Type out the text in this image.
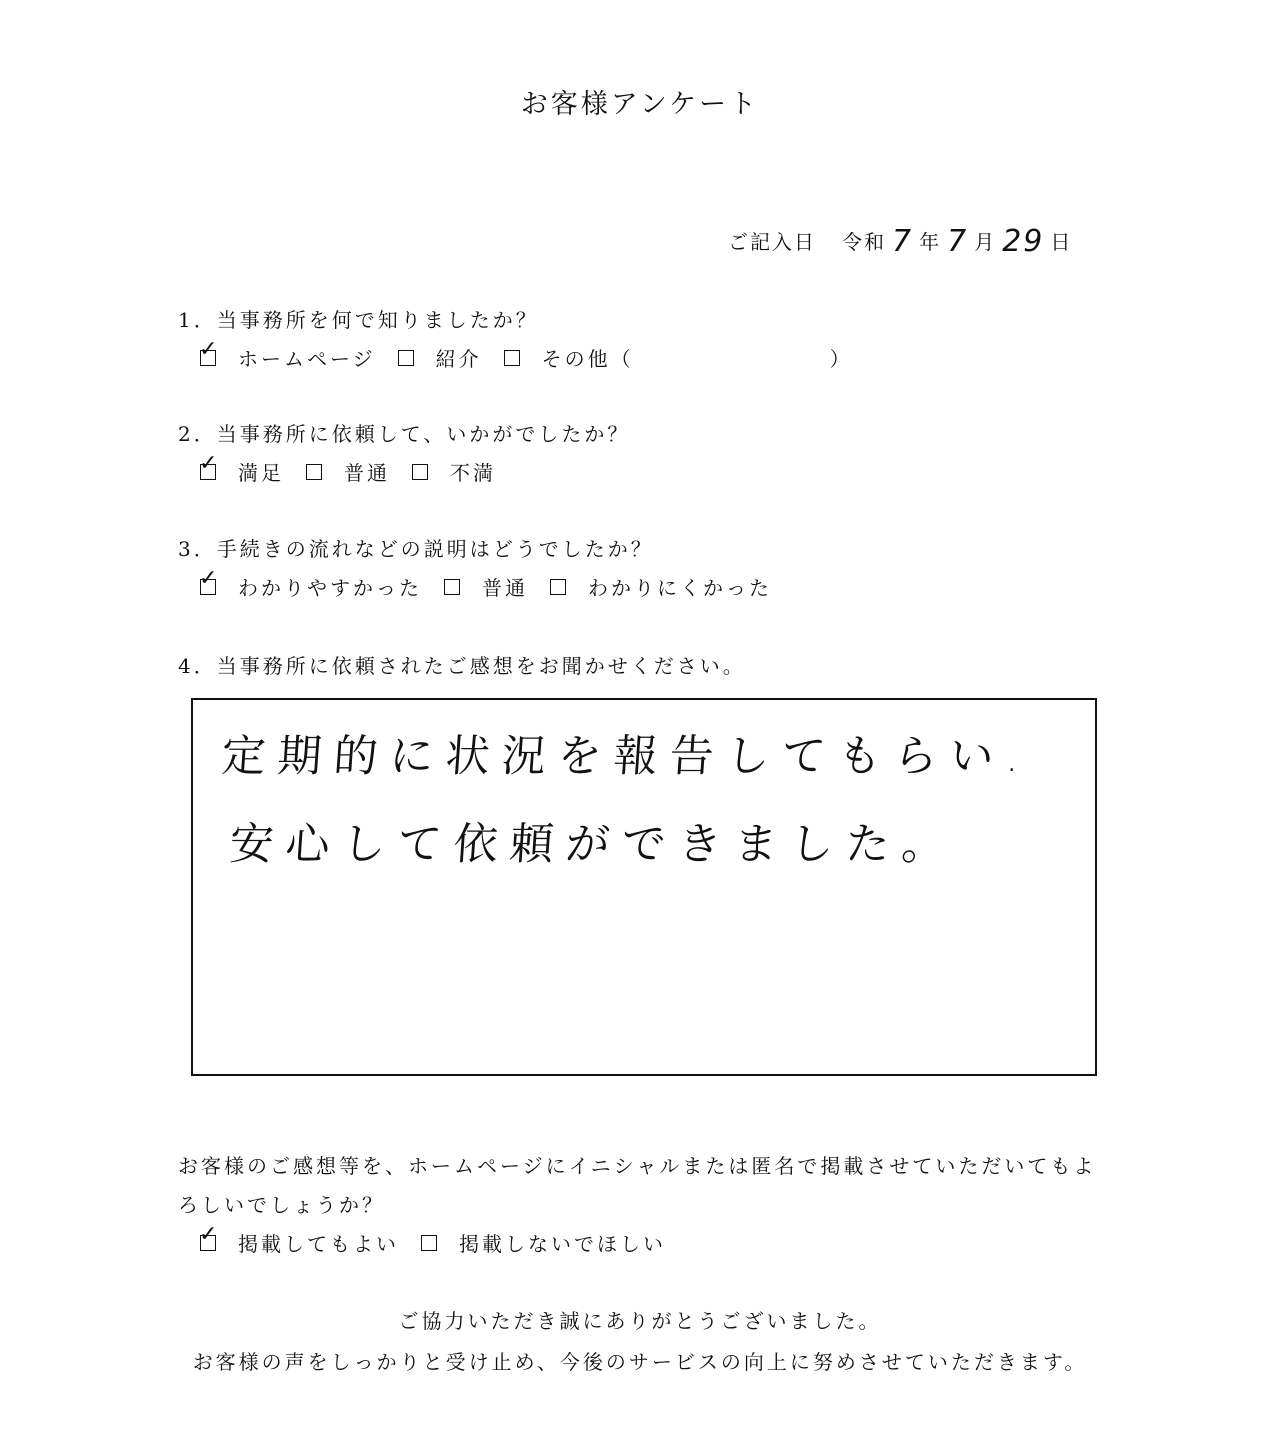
お客様アンケート
ご記入日 令和 7 年 7 月 29 日
1．当事務所を何で知りましたか？
✓ ホームページ	紹介	その他（	）
2．当事務所に依頼して、いかがでしたか？
✓ 満足	普通	不満
3．手続きの流れなどの説明はどうでしたか？
✓ わかりやすかった	普通	わかりにくかった
4．当事務所に依頼されたご感想をお聞かせください。
定期的に状況を報告してもらい.
安心して依頼ができました。
お客様のご感想等を、ホームページにイニシャルまたは匿名で掲載させていただいてもよ
ろしいでしょうか？
✓ 掲載してもよい	掲載しないでほしい
ご協力いただき誠にありがとうございました。
お客様の声をしっかりと受け止め、今後のサービスの向上に努めさせていただきます。
